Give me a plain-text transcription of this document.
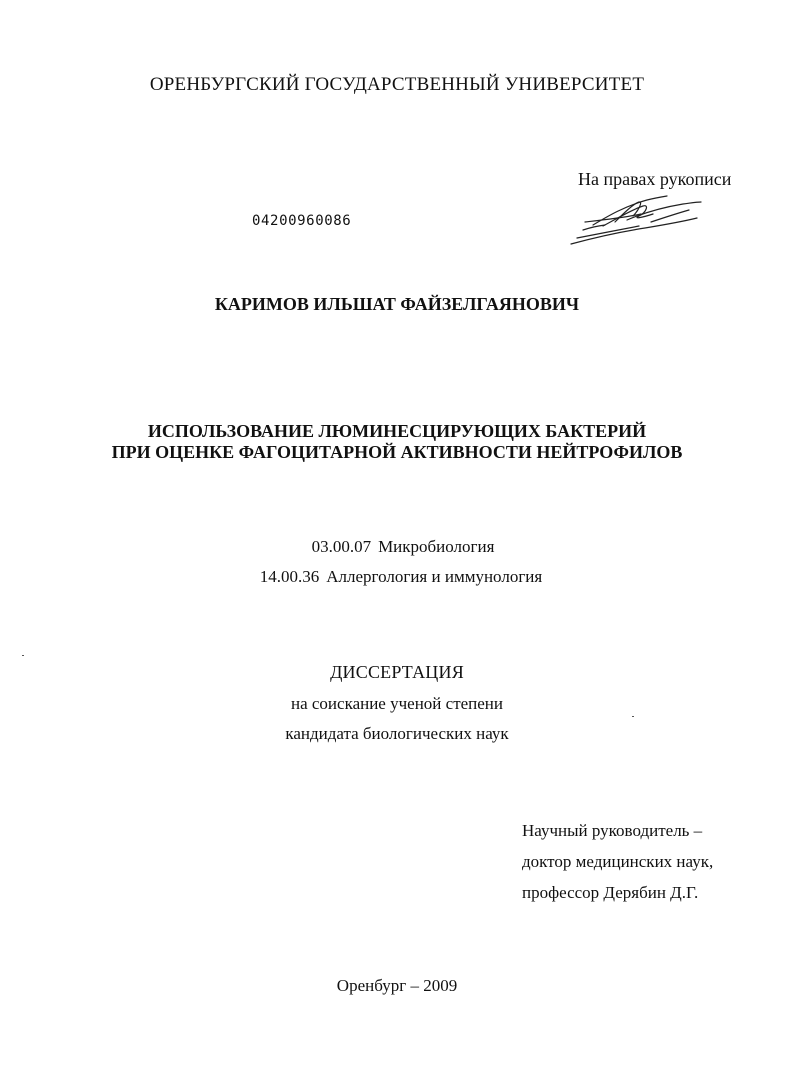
ОРЕНБУРГСКИЙ ГОСУДАРСТВЕННЫЙ УНИВЕРСИТЕТ
На правах рукописи
04200960086
КАРИМОВ ИЛЬШАТ ФАЙЗЕЛГАЯНОВИЧ
ИСПОЛЬЗОВАНИЕ ЛЮМИНЕСЦИРУЮЩИХ БАКТЕРИЙ
ПРИ ОЦЕНКЕ ФАГОЦИТАРНОЙ АКТИВНОСТИ НЕЙТРОФИЛОВ
03.00.07 Микробиология
14.00.36 Аллергология и иммунология
ДИССЕРТАЦИЯ
на соискание ученой степени
кандидата биологических наук
Научный руководитель –
доктор медицинских наук,
профессор Дерябин Д.Г.
Оренбург – 2009
